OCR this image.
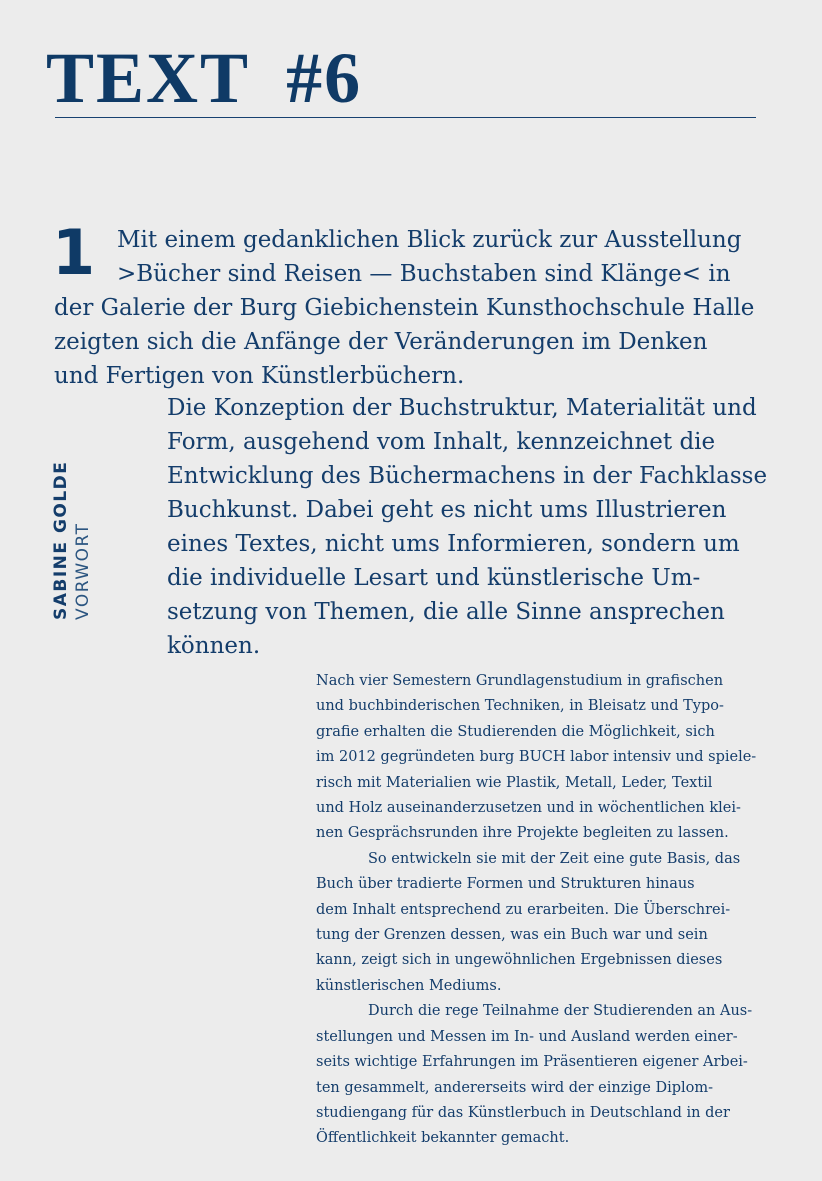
TEXT #6
1 Mit einem gedanklichen Blick zurück zur Ausstellung
>Bücher sind Reisen — Buchstaben sind Klänge< in
der Galerie der Burg Giebichenstein Kunsthochschule Halle
zeigten sich die Anfänge der Veränderungen im Denken
und Fertigen von Künstlerbüchern.

Die Konzeption der Buchstruktur, Materialität und
Form, ausgehend vom Inhalt, kennzeichnet die
Entwicklung des Büchermachens in der Fachklasse
Buchkunst. Dabei geht es nicht ums Illustrieren
eines Textes, nicht ums Informieren, sondern um
die individuelle Lesart und künstlerische Um-
setzung von Themen, die alle Sinne ansprechen
können.

SABINE GOLDE VORWORT

Nach vier Semestern Grundlagenstudium in grafischen
und buchbinderischen Techniken, in Bleisatz und Typo-
grafie erhalten die Studierenden die Möglichkeit, sich
im 2012 gegründeten burg BUCH labor intensiv und spiele-
risch mit Materialien wie Plastik, Metall, Leder, Textil
und Holz auseinanderzusetzen und in wöchentlichen klei-
nen Gesprächsrunden ihre Projekte begleiten zu lassen.
So entwickeln sie mit der Zeit eine gute Basis, das
Buch über tradierte Formen und Strukturen hinaus
dem Inhalt entsprechend zu erarbeiten. Die Überschrei-
tung der Grenzen dessen, was ein Buch war und sein
kann, zeigt sich in ungewöhnlichen Ergebnissen dieses
künstlerischen Mediums.
Durch die rege Teilnahme der Studierenden an Aus-
stellungen und Messen im In- und Ausland werden einer-
seits wichtige Erfahrungen im Präsentieren eigener Arbei-
ten gesammelt, andererseits wird der einzige Diplom-
studiengang für das Künstlerbuch in Deutschland in der
Öffentlichkeit bekannter gemacht.
